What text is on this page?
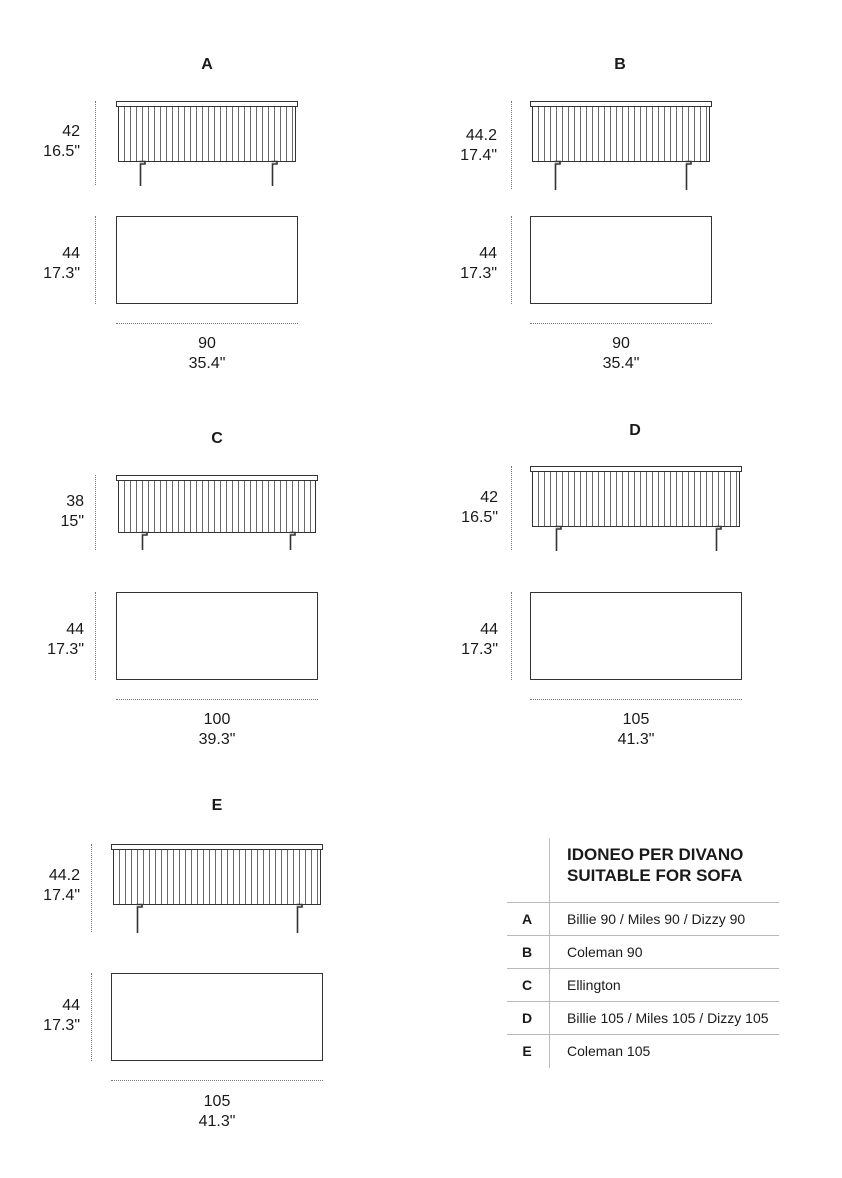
A
42
16.5"
44
17.3"
90
35.4"
B
44.2
17.4"
44
17.3"
90
35.4"
C
38
15"
44
17.3"
100
39.3"
D
42
16.5"
44
17.3"
105
41.3"
E
44.2
17.4"
44
17.3"
105
41.3"
IDONEO PER DIVANO
SUITABLE FOR SOFA
A	Billie 90 / Miles 90 / Dizzy 90
B	Coleman 90
C	Ellington
D	Billie 105 / Miles 105 / Dizzy 105
E	Coleman 105
